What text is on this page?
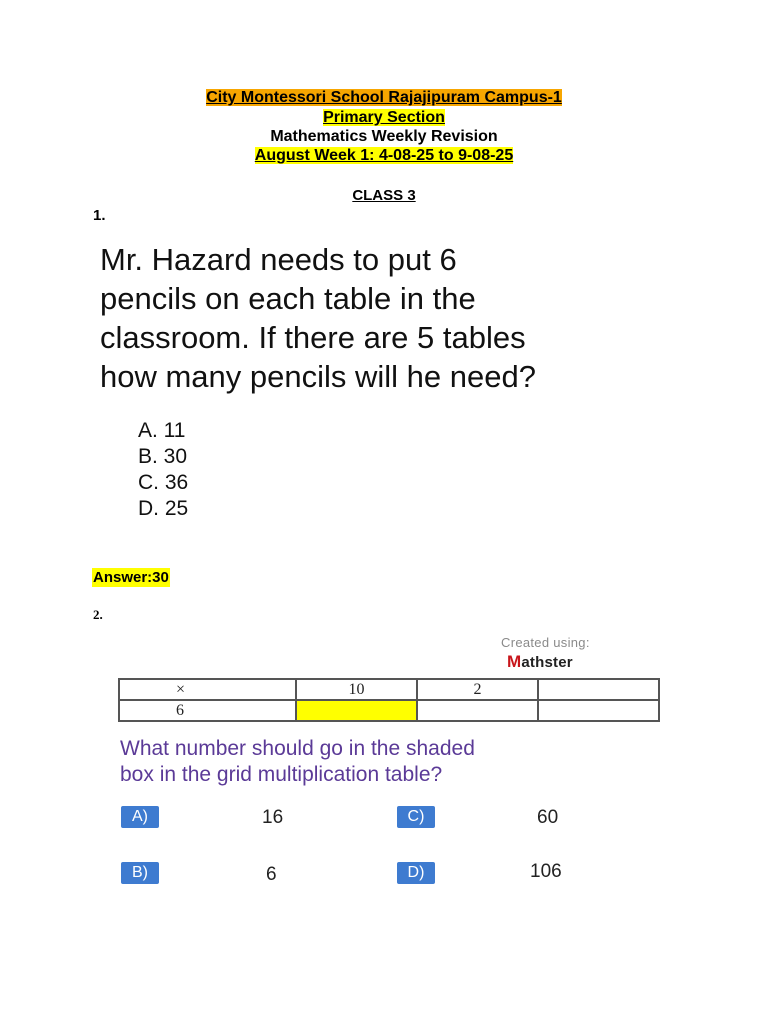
City Montessori School Rajajipuram Campus-1
Primary Section
Mathematics Weekly Revision
August Week 1: 4-08-25 to 9-08-25
CLASS 3
1.
Mr. Hazard needs to put 6
pencils on each table in the
classroom. If there are 5 tables
how many pencils will he need?
A. 11
B. 30
C. 36
D. 25
Answer:30
2.
Created using:
Mathster
×	10	2	
6			
What number should go in the shaded
box in the grid multiplication table?
A)	16	C)	60
B)	6	D)	106
